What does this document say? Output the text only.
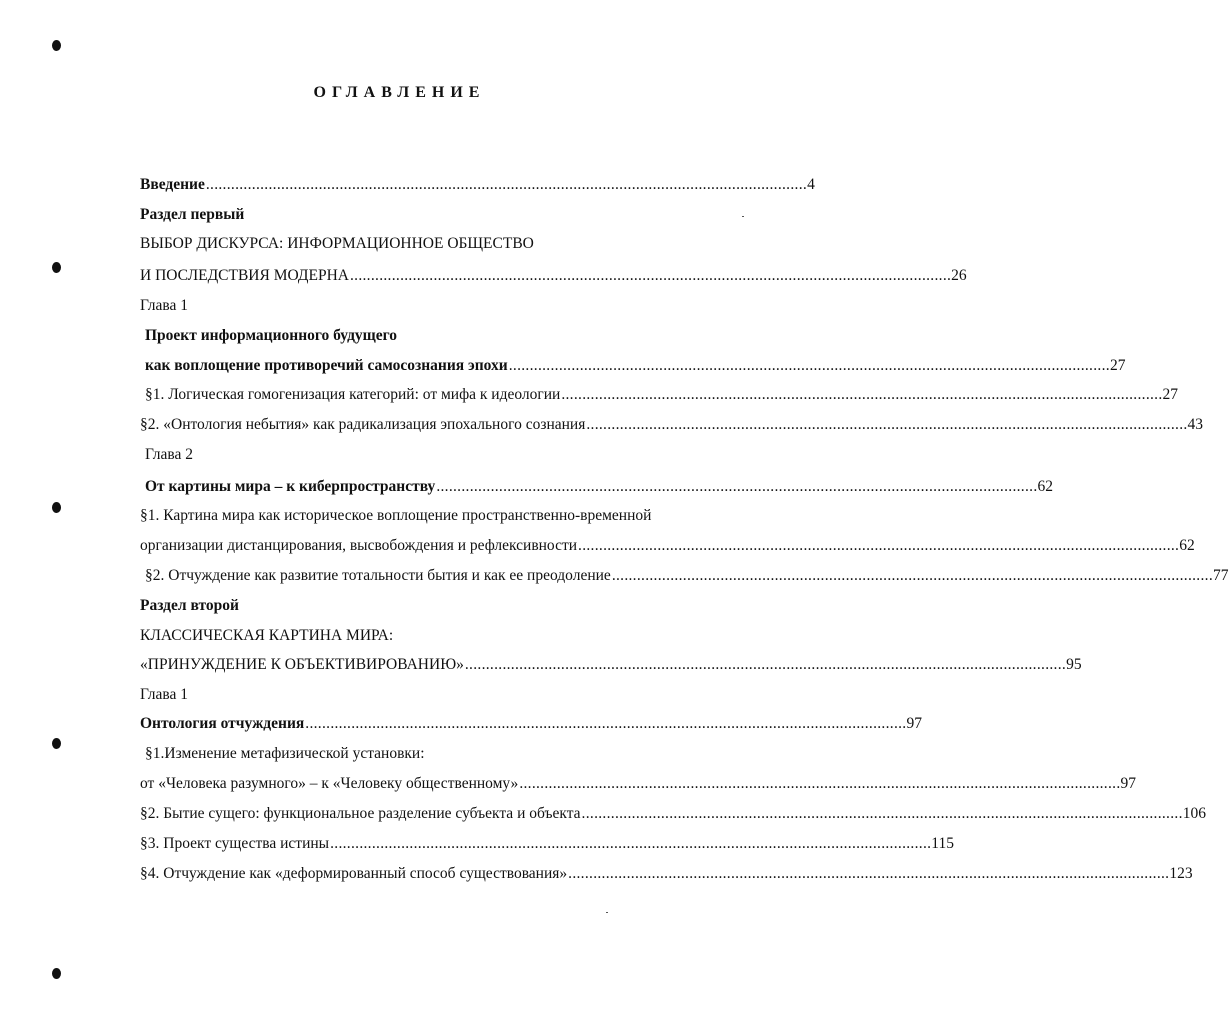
ОГЛАВЛЕНИЕ
Введение ................................................................................................................................................ 4
Раздел первый
ВЫБОР ДИСКУРСА: ИНФОРМАЦИОННОЕ ОБЩЕСТВО
И ПОСЛЕДСТВИЯ МОДЕРНА ................................................................................................................................................ 26
Глава 1
Проект информационного будущего
как воплощение противоречий самосознания эпохи ................................................................................................................................................ 27
§1. Логическая гомогенизация категорий: от мифа к идеологии ................................................................................................................................................ 27
§2. «Онтология небытия» как радикализация эпохального сознания ................................................................................................................................................ 43
Глава 2
От картины мира – к киберпространству ................................................................................................................................................ 62
§1. Картина мира как историческое воплощение пространственно-временной
организации дистанцирования, высвобождения и рефлексивности ................................................................................................................................................ 62
§2. Отчуждение как развитие тотальности бытия и как ее преодоление ................................................................................................................................................ 77
Раздел второй
КЛАССИЧЕСКАЯ КАРТИНА МИРА:
«ПРИНУЖДЕНИЕ К ОБЪЕКТИВИРОВАНИЮ» ................................................................................................................................................ 95
Глава 1
Онтология отчуждения ................................................................................................................................................ 97
§1.Изменение метафизической установки:
от «Человека разумного» – к «Человеку общественному» ................................................................................................................................................ 97
§2. Бытие сущего: функциональное разделение субъекта и объекта ................................................................................................................................................ 106
§3. Проект существа истины ................................................................................................................................................ 115
§4. Отчуждение как «деформированный способ существования» ................................................................................................................................................ 123
